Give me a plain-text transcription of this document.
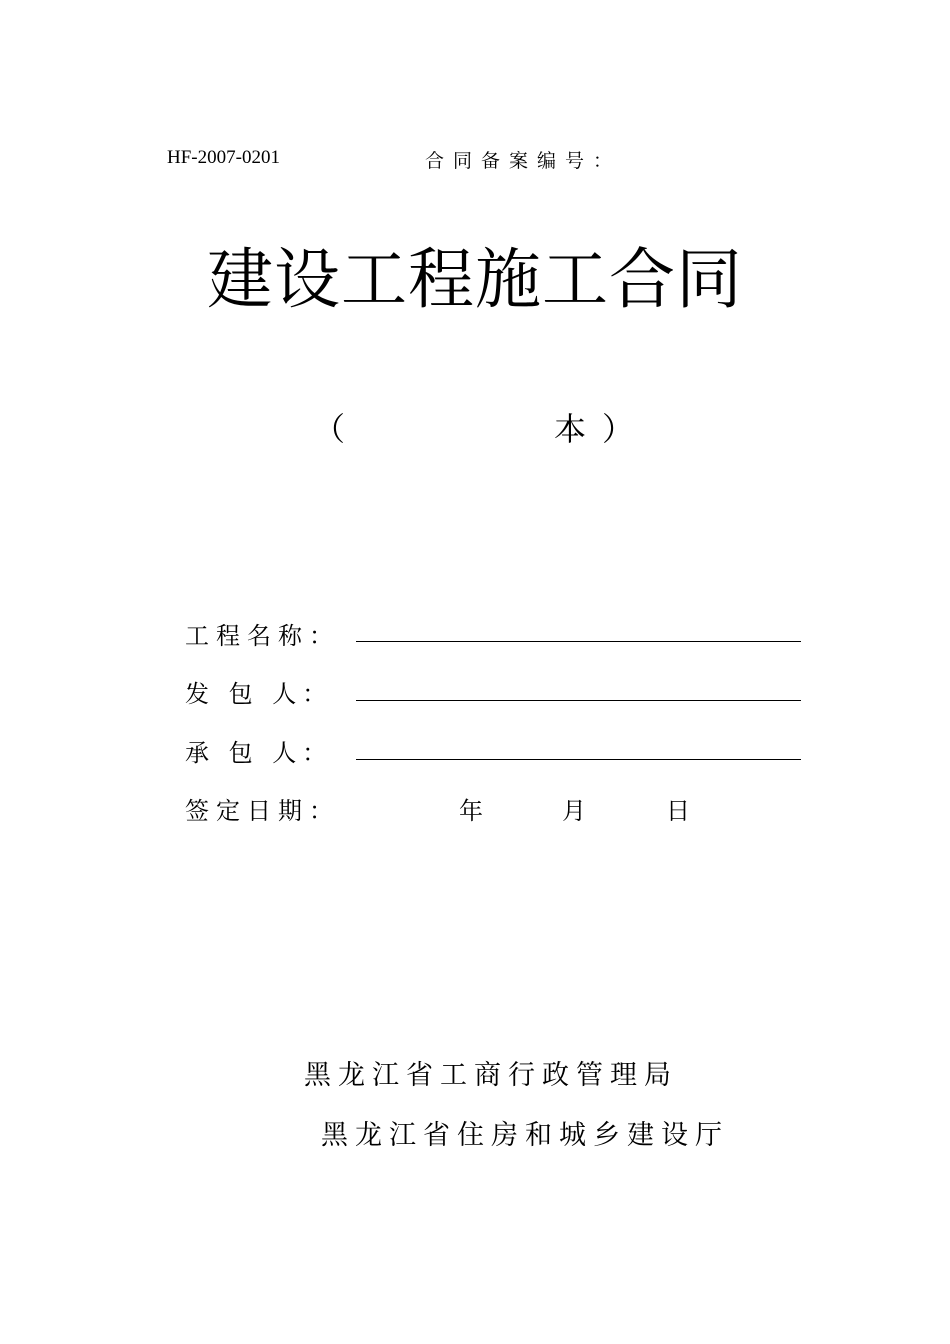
HF-2007-0201	合同备案编号：
建设工程施工合同
（	本 ）
工程名称：
发 包 人：
承 包 人：
签定日期：	年	月	日
黑龙江省工商行政管理局
黑龙江省住房和城乡建设厅
